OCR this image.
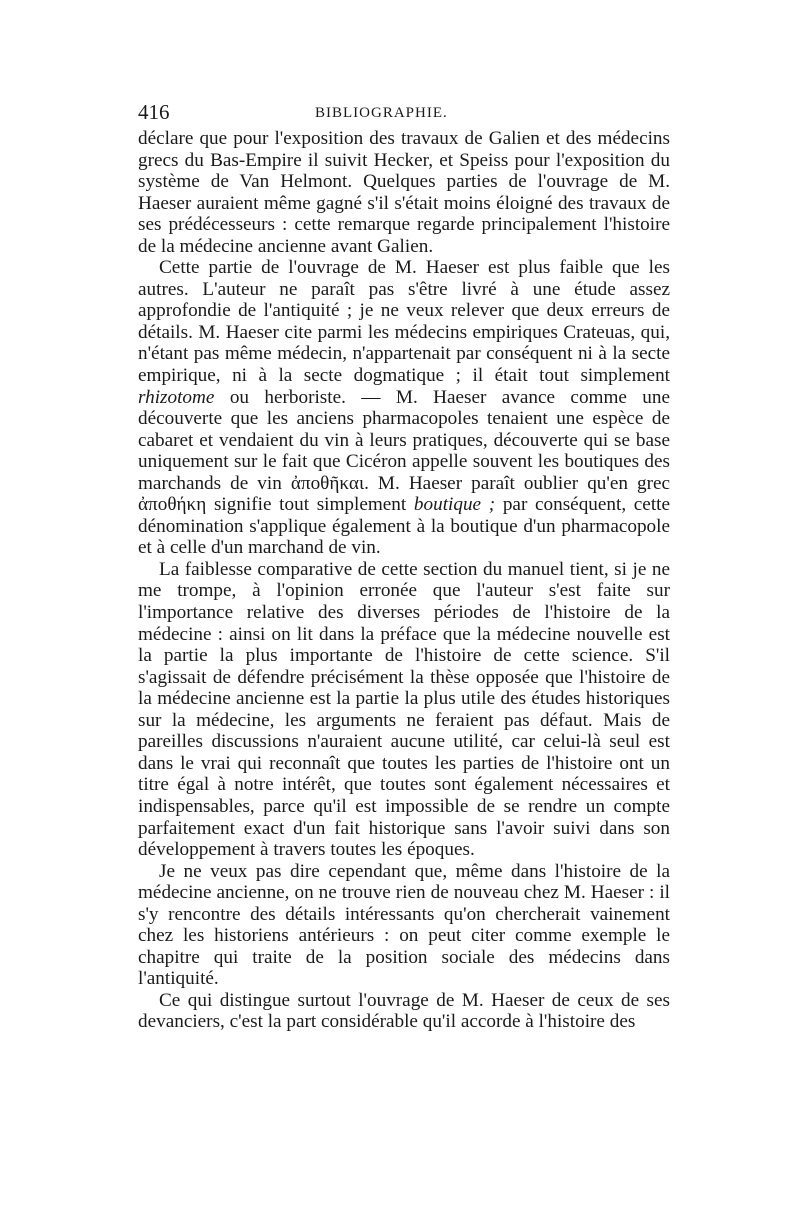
416	BIBLIOGRAPHIE.

déclare que pour l'exposition des travaux de Galien et des médecins grecs du Bas-Empire il suivit Hecker, et Speiss pour l'exposition du système de Van Helmont. Quelques parties de l'ouvrage de M. Haeser auraient même gagné s'il s'était moins éloigné des travaux de ses prédécesseurs : cette remarque regarde principalement l'histoire de la médecine ancienne avant Galien.

Cette partie de l'ouvrage de M. Haeser est plus faible que les autres. L'auteur ne paraît pas s'être livré à une étude assez approfondie de l'antiquité ; je ne veux relever que deux erreurs de détails. M. Haeser cite parmi les médecins empiriques Crateuas, qui, n'étant pas même médecin, n'appartenait par conséquent ni à la secte empirique, ni à la secte dogmatique ; il était tout simplement rhizotome ou herboriste. — M. Haeser avance comme une découverte que les anciens pharmacopoles tenaient une espèce de cabaret et vendaient du vin à leurs pratiques, découverte qui se base uniquement sur le fait que Cicéron appelle souvent les boutiques des marchands de vin ἀποθῆκαι. M. Haeser paraît oublier qu'en grec ἀποθήκη signifie tout simplement boutique ; par conséquent, cette dénomination s'applique également à la boutique d'un pharmacopole et à celle d'un marchand de vin.

La faiblesse comparative de cette section du manuel tient, si je ne me trompe, à l'opinion erronée que l'auteur s'est faite sur l'importance relative des diverses périodes de l'histoire de la médecine : ainsi on lit dans la préface que la médecine nouvelle est la partie la plus importante de l'histoire de cette science. S'il s'agissait de défendre précisément la thèse opposée que l'histoire de la médecine ancienne est la partie la plus utile des études historiques sur la médecine, les arguments ne feraient pas défaut. Mais de pareilles discussions n'auraient aucune utilité, car celui-là seul est dans le vrai qui reconnaît que toutes les parties de l'histoire ont un titre égal à notre intérêt, que toutes sont également nécessaires et indispensables, parce qu'il est impossible de se rendre un compte parfaitement exact d'un fait historique sans l'avoir suivi dans son développement à travers toutes les époques.

Je ne veux pas dire cependant que, même dans l'histoire de la médecine ancienne, on ne trouve rien de nouveau chez M. Haeser : il s'y rencontre des détails intéressants qu'on chercherait vainement chez les historiens antérieurs : on peut citer comme exemple le chapitre qui traite de la position sociale des médecins dans l'antiquité.

Ce qui distingue surtout l'ouvrage de M. Haeser de ceux de ses devanciers, c'est la part considérable qu'il accorde à l'histoire des
